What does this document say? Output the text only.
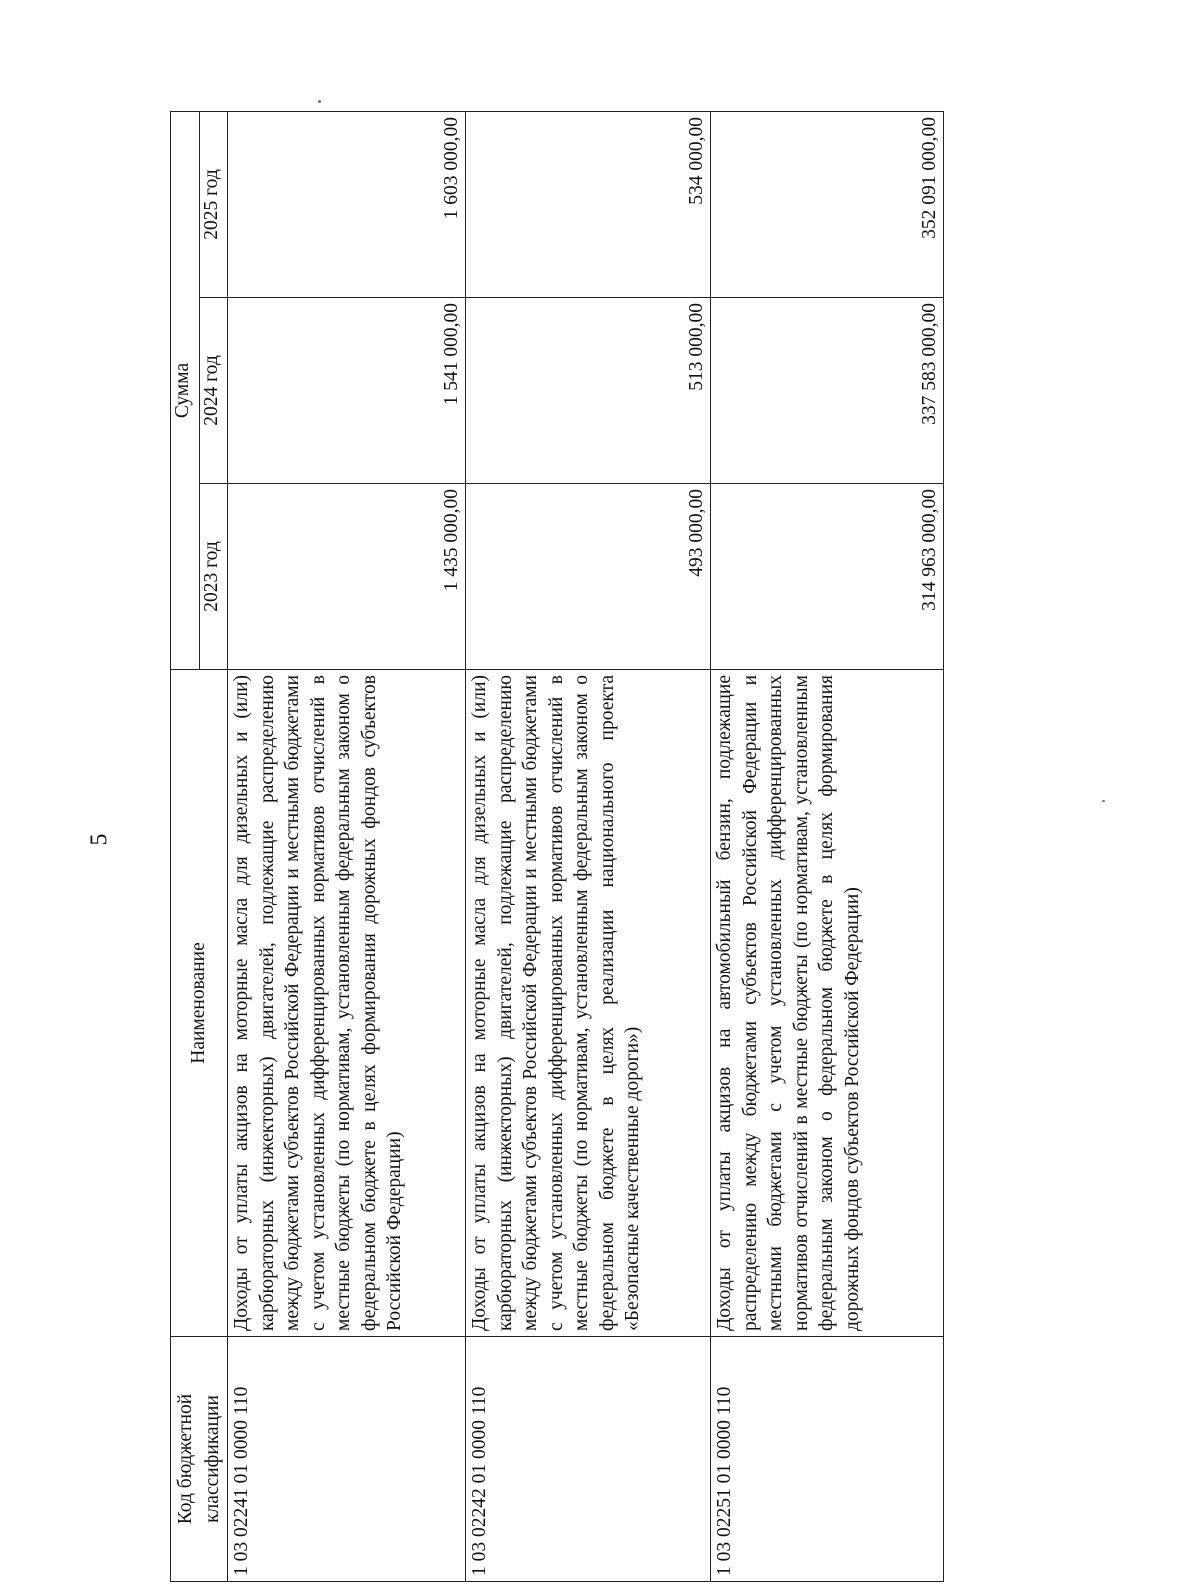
5
Код бюджетной классификации	Наименование	Сумма		
		2023 год	2024 год	2025 год
1 03 02241 01 0000 110	Доходы от уплаты акцизов на моторные масла для дизельных и (или) карбюраторных (инжекторных) двигателей, подлежащие распределению между бюджетами субъектов Российской Федерации и местными бюджетами с учетом установленных дифференцированных нормативов отчислений в местные бюджеты (по нормативам, установленным федеральным законом о федеральном бюджете в целях формирования дорожных фондов субъектов Российской Федерации)	1 435 000,00	1 541 000,00	1 603 000,00
1 03 02242 01 0000 110	Доходы от уплаты акцизов на моторные масла для дизельных и (или) карбюраторных (инжекторных) двигателей, подлежащие распределению между бюджетами субъектов Российской Федерации и местными бюджетами с учетом установленных дифференцированных нормативов отчислений в местные бюджеты (по нормативам, установленным федеральным законом о федеральном бюджете в целях реализации национального проекта «Безопасные качественные дороги»)	493 000,00	513 000,00	534 000,00
1 03 02251 01 0000 110	Доходы от уплаты акцизов на автомобильный бензин, подлежащие распределению между бюджетами субъектов Российской Федерации и местными бюджетами с учетом установленных дифференцированных нормативов отчислений в местные бюджеты (по нормативам, установленным федеральным законом о федеральном бюджете в целях формирования дорожных фондов субъектов Российской Федерации)	314 963 000,00	337 583 000,00	352 091 000,00
